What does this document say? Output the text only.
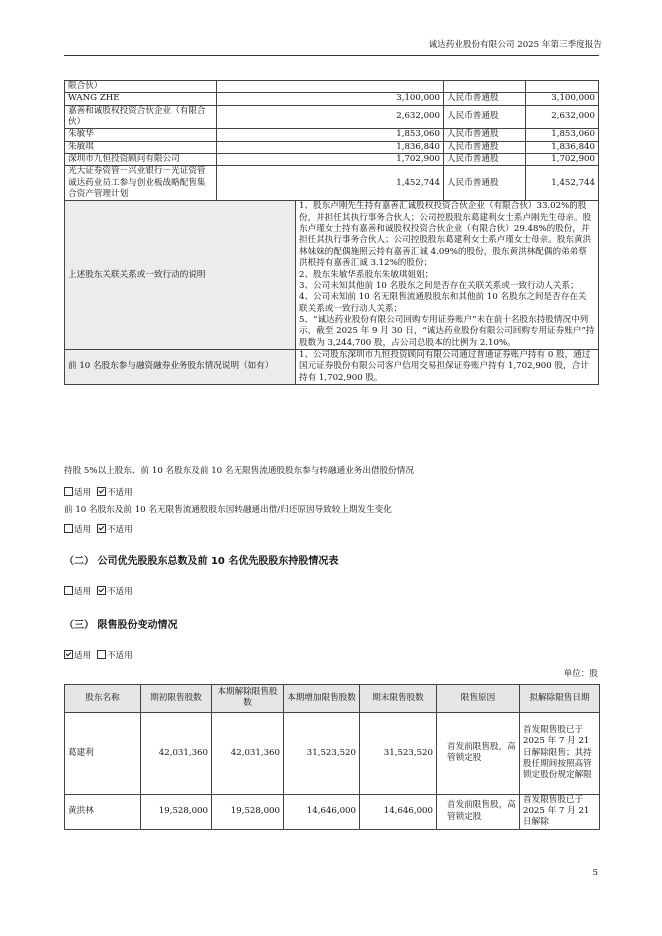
诚达药业股份有限公司 2025 年第三季度报告
限合伙）				
WANG ZHE	3,100,000		人民币普通股	3,100,000
嘉善和诚股权投资合伙企业（有限合伙）	2,632,000		人民币普通股	2,632,000
朱敏华	1,853,060		人民币普通股	1,853,060
朱敏琪	1,836,840		人民币普通股	1,836,840
深圳市九恒投资顾问有限公司	1,702,900		人民币普通股	1,702,900
光大证券资管－兴业银行－光证资管诚达药业员工参与创业板战略配售集合资产管理计划	1,452,744		人民币普通股	1,452,744
上述股东关联关系或一致行动的说明		1、股东卢刚先生持有嘉善汇诚股权投资合伙企业（有限合伙）33.02%的股份，并担任其执行事务合伙人；公司控股股东葛建利女士系卢刚先生母亲。股东卢瑾女士持有嘉善和诚股权投资合伙企业（有限合伙）29.48%的股份，并担任其执行事务合伙人；公司控股股东葛建利女士系卢瑾女士母亲。股东黄洪林妹妹的配偶施照云持有嘉善汇诚 4.09%的股份，股东黄洪林配偶的弟弟蔡洪根持有嘉善汇诚 3.12%的股份；
2、股东朱敏华系股东朱敏琪姐姐；
3、公司未知其他前 10 名股东之间是否存在关联关系或一致行动人关系；
4、公司未知前 10 名无限售流通股股东和其他前 10 名股东之间是否存在关联关系或一致行动人关系；
5、“诚达药业股份有限公司回购专用证券账户”未在前十名股东持股情况中列示，截至 2025 年 9 月 30 日，“诚达药业股份有限公司回购专用证券账户”持股数为 3,244,700 股，占公司总股本的比例为 2.10%。		
前 10 名股东参与融资融券业务股东情况说明（如有）		1、公司股东深圳市九恒投资顾问有限公司通过普通证券账户持有 0 股，通过国元证券股份有限公司客户信用交易担保证券账户持有 1,702,900 股，合计持有 1,702,900 股。		
持股 5%以上股东、前 10 名股东及前 10 名无限售流通股股东参与转融通业务出借股份情况
适用 不适用
前 10 名股东及前 10 名无限售流通股股东因转融通出借/归还原因导致较上期发生变化
适用 不适用
（二） 公司优先股股东总数及前 10 名优先股股东持股情况表
适用 不适用
（三） 限售股份变动情况
适用 不适用
单位：股
股东名称	期初限售股数	本期解除限售股数	本期增加限售股数	期末限售股数	限售原因	拟解除限售日期
葛建利	42,031,360	42,031,360	31,523,520	31,523,520	首发前限售股，高管锁定股	首发限售股已于 2025 年 7 月 21 日解除限售；其持股任期间按照高管锁定股份规定解限
黄洪林	19,528,000	19,528,000	14,646,000	14,646,000	首发前限售股，高管锁定股	首发限售股已于 2025 年 7 月 21 日解除
5
